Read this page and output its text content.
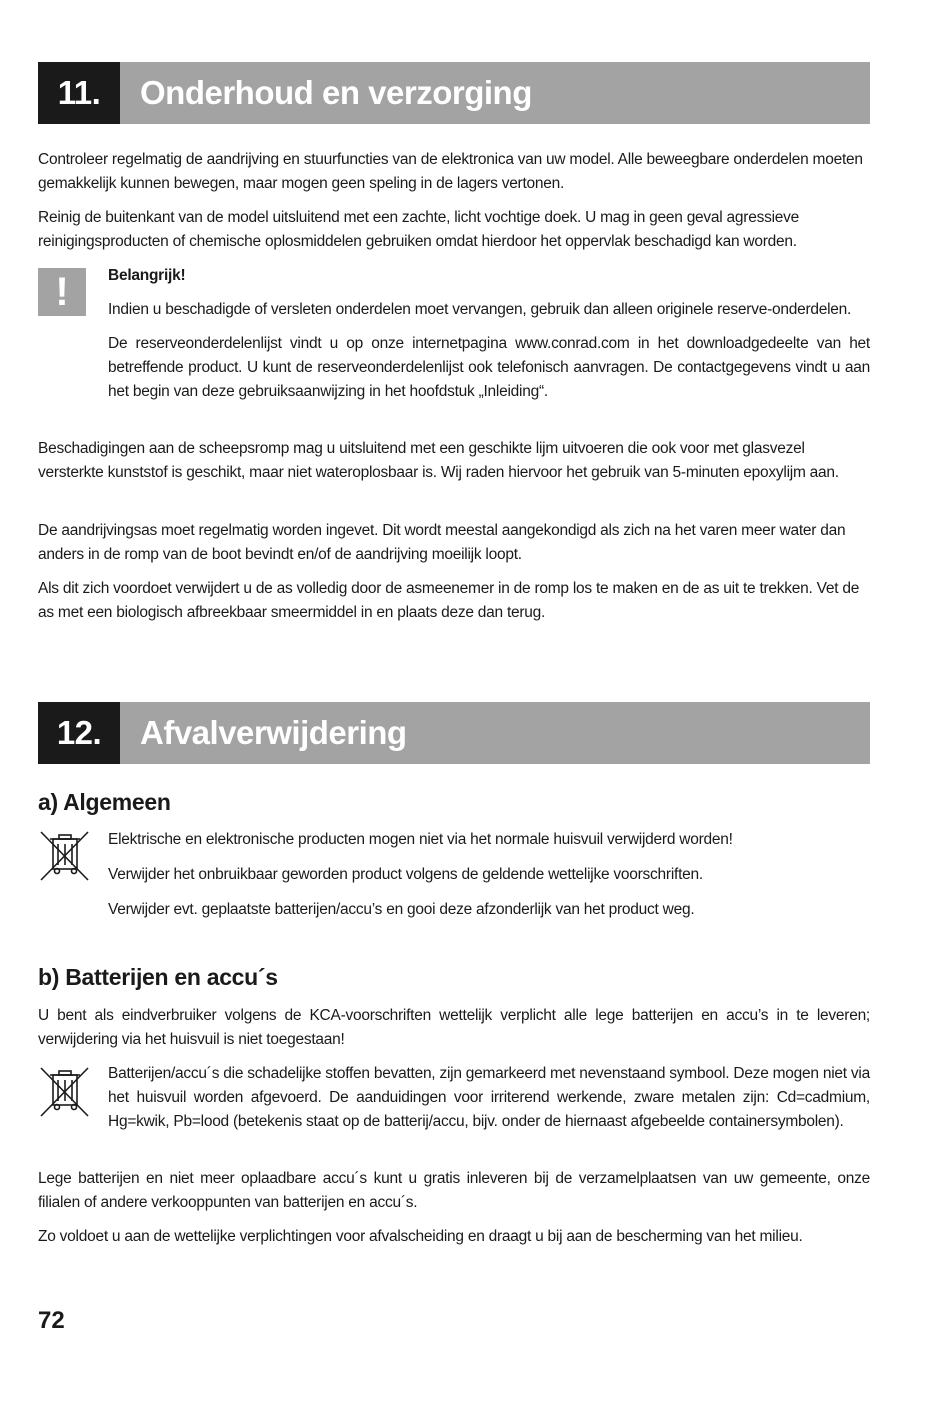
11. Onderhoud en verzorging

Controleer regelmatig de aandrijving en stuurfuncties van de elektronica van uw model. Alle beweegbare onderdelen moeten gemakkelijk kunnen bewegen, maar mogen geen speling in de lagers vertonen.

Reinig de buitenkant van de model uitsluitend met een zachte, licht vochtige doek. U mag in geen geval agressieve reinigingsproducten of chemische oplosmiddelen gebruiken omdat hierdoor het oppervlak beschadigd kan worden.

!	Belangrijk!

Indien u beschadigde of versleten onderdelen moet vervangen, gebruik dan alleen originele reserve-onderdelen.

De reserveonderdelenlijst vindt u op onze internetpagina www.conrad.com in het downloadgedeelte van het betreffende product. U kunt de reserveonderdelenlijst ook telefonisch aanvragen. De contactgegevens vindt u aan het begin van deze gebruiksaanwijzing in het hoofdstuk „Inleiding“.

Beschadigingen aan de scheepsromp mag u uitsluitend met een geschikte lijm uitvoeren die ook voor met glasvezel versterkte kunststof is geschikt, maar niet wateroplosbaar is. Wij raden hiervoor het gebruik van 5-minuten epoxylijm aan.

De aandrijvingsas moet regelmatig worden ingevet. Dit wordt meestal aangekondigd als zich na het varen meer water dan anders in de romp van de boot bevindt en/of de aandrijving moeilijk loopt.

Als dit zich voordoet verwijdert u de as volledig door de asmeenemer in de romp los te maken en de as uit te trekken. Vet de as met een biologisch afbreekbaar smeermiddel in en plaats deze dan terug.

12. Afvalverwijdering
a) Algemeen

Elektrische en elektronische producten mogen niet via het normale huisvuil verwijderd worden!

Verwijder het onbruikbaar geworden product volgens de geldende wettelijke voorschriften.

Verwijder evt. geplaatste batterijen/accu’s en gooi deze afzonderlijk van het product weg.

b) Batterijen en accu´s

U bent als eindverbruiker volgens de KCA-voorschriften wettelijk verplicht alle lege batterijen en accu’s in te leveren; verwijdering via het huisvuil is niet toegestaan!

Batterijen/accu´s die schadelijke stoffen bevatten, zijn gemarkeerd met nevenstaand symbool. Deze mogen niet via het huisvuil worden afgevoerd. De aanduidingen voor irriterend werkende, zware metalen zijn: Cd=cadmium, Hg=kwik, Pb=lood (betekenis staat op de batterij/accu, bijv. onder de hiernaast afgebeelde containersymbolen).

Lege batterijen en niet meer oplaadbare accu´s kunt u gratis inleveren bij de verzamelplaatsen van uw gemeente, onze filialen of andere verkooppunten van batterijen en accu´s.

Zo voldoet u aan de wettelijke verplichtingen voor afvalscheiding en draagt u bij aan de bescherming van het milieu.

72
